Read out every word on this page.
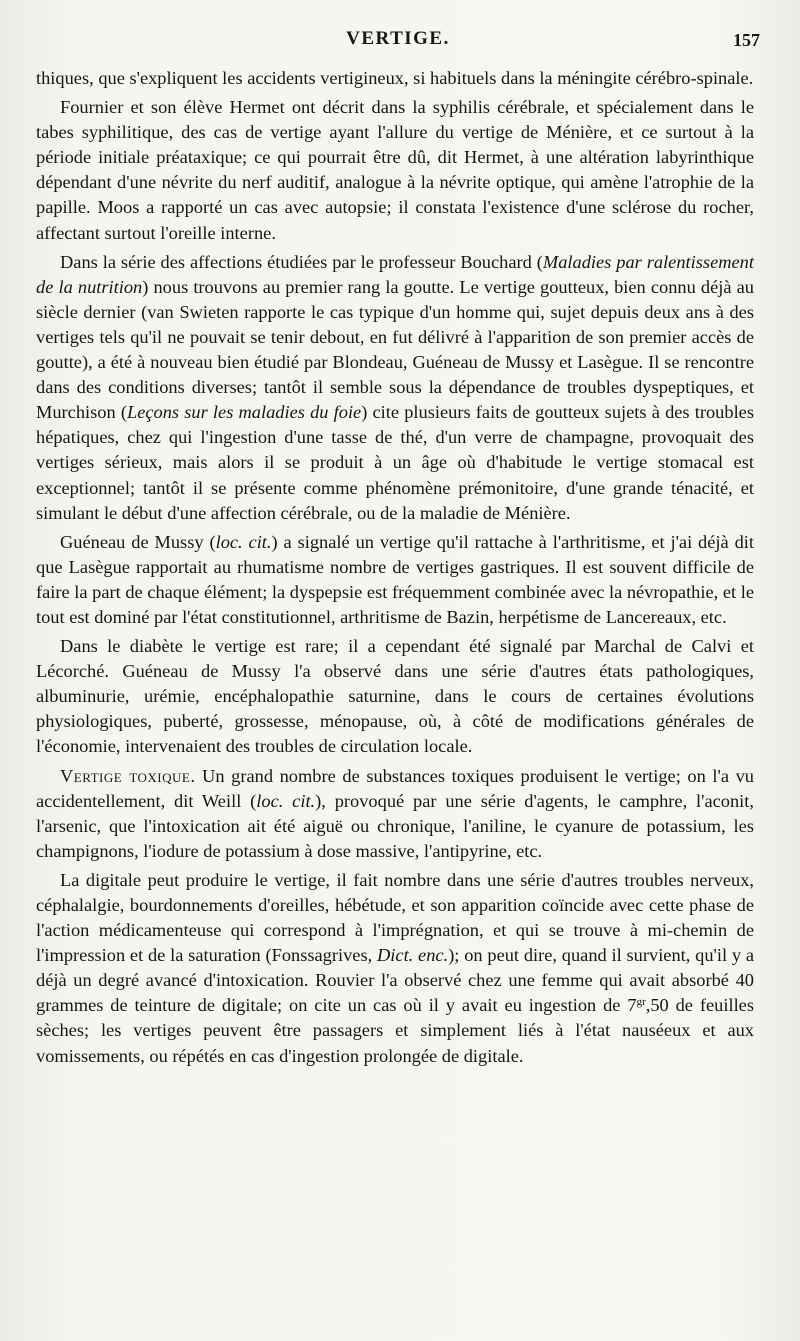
VERTIGE.	157

thiques, que s'expliquent les accidents vertigineux, si habituels dans la méningite cérébro-spinale.

Fournier et son élève Hermet ont décrit dans la syphilis cérébrale, et spécialement dans le tabes syphilitique, des cas de vertige ayant l'allure du vertige de Ménière, et ce surtout à la période initiale préataxique; ce qui pourrait être dû, dit Hermet, à une altération labyrinthique dépendant d'une névrite du nerf auditif, analogue à la névrite optique, qui amène l'atrophie de la papille. Moos a rapporté un cas avec autopsie; il constata l'existence d'une sclérose du rocher, affectant surtout l'oreille interne.

Dans la série des affections étudiées par le professeur Bouchard (Maladies par ralentissement de la nutrition) nous trouvons au premier rang la goutte. Le vertige goutteux, bien connu déjà au siècle dernier (van Swieten rapporte le cas typique d'un homme qui, sujet depuis deux ans à des vertiges tels qu'il ne pouvait se tenir debout, en fut délivré à l'apparition de son premier accès de goutte), a été à nouveau bien étudié par Blondeau, Guéneau de Mussy et Lasègue. Il se rencontre dans des conditions diverses; tantôt il semble sous la dépendance de troubles dyspeptiques, et Murchison (Leçons sur les maladies du foie) cite plusieurs faits de goutteux sujets à des troubles hépatiques, chez qui l'ingestion d'une tasse de thé, d'un verre de champagne, provoquait des vertiges sérieux, mais alors il se produit à un âge où d'habitude le vertige stomacal est exceptionnel; tantôt il se présente comme phénomène prémonitoire, d'une grande ténacité, et simulant le début d'une affection cérébrale, ou de la maladie de Ménière.

Guéneau de Mussy (loc. cit.) a signalé un vertige qu'il rattache à l'arthritisme, et j'ai déjà dit que Lasègue rapportait au rhumatisme nombre de vertiges gastriques. Il est souvent difficile de faire la part de chaque élément; la dyspepsie est fréquemment combinée avec la névropathie, et le tout est dominé par l'état constitutionnel, arthritisme de Bazin, herpétisme de Lancereaux, etc.

Dans le diabète le vertige est rare; il a cependant été signalé par Marchal de Calvi et Lécorché. Guéneau de Mussy l'a observé dans une série d'autres états pathologiques, albuminurie, urémie, encéphalopathie saturnine, dans le cours de certaines évolutions physiologiques, puberté, grossesse, ménopause, où, à côté de modifications générales de l'économie, intervenaient des troubles de circulation locale.

Vertige toxique. Un grand nombre de substances toxiques produisent le vertige; on l'a vu accidentellement, dit Weill (loc. cit.), provoqué par une série d'agents, le camphre, l'aconit, l'arsenic, que l'intoxication ait été aiguë ou chronique, l'aniline, le cyanure de potassium, les champignons, l'iodure de potassium à dose massive, l'antipyrine, etc.

La digitale peut produire le vertige, il fait nombre dans une série d'autres troubles nerveux, céphalalgie, bourdonnements d'oreilles, hébétude, et son apparition coïncide avec cette phase de l'action médicamenteuse qui correspond à l'imprégnation, et qui se trouve à mi-chemin de l'impression et de la saturation (Fonssagrives, Dict. enc.); on peut dire, quand il survient, qu'il y a déjà un degré avancé d'intoxication. Rouvier l'a observé chez une femme qui avait absorbé 40 grammes de teinture de digitale; on cite un cas où il y avait eu ingestion de $7^{gr},50$ de feuilles sèches; les vertiges peuvent être passagers et simplement liés à l'état nauséeux et aux vomissements, ou répétés en cas d'ingestion prolongée de digitale.
